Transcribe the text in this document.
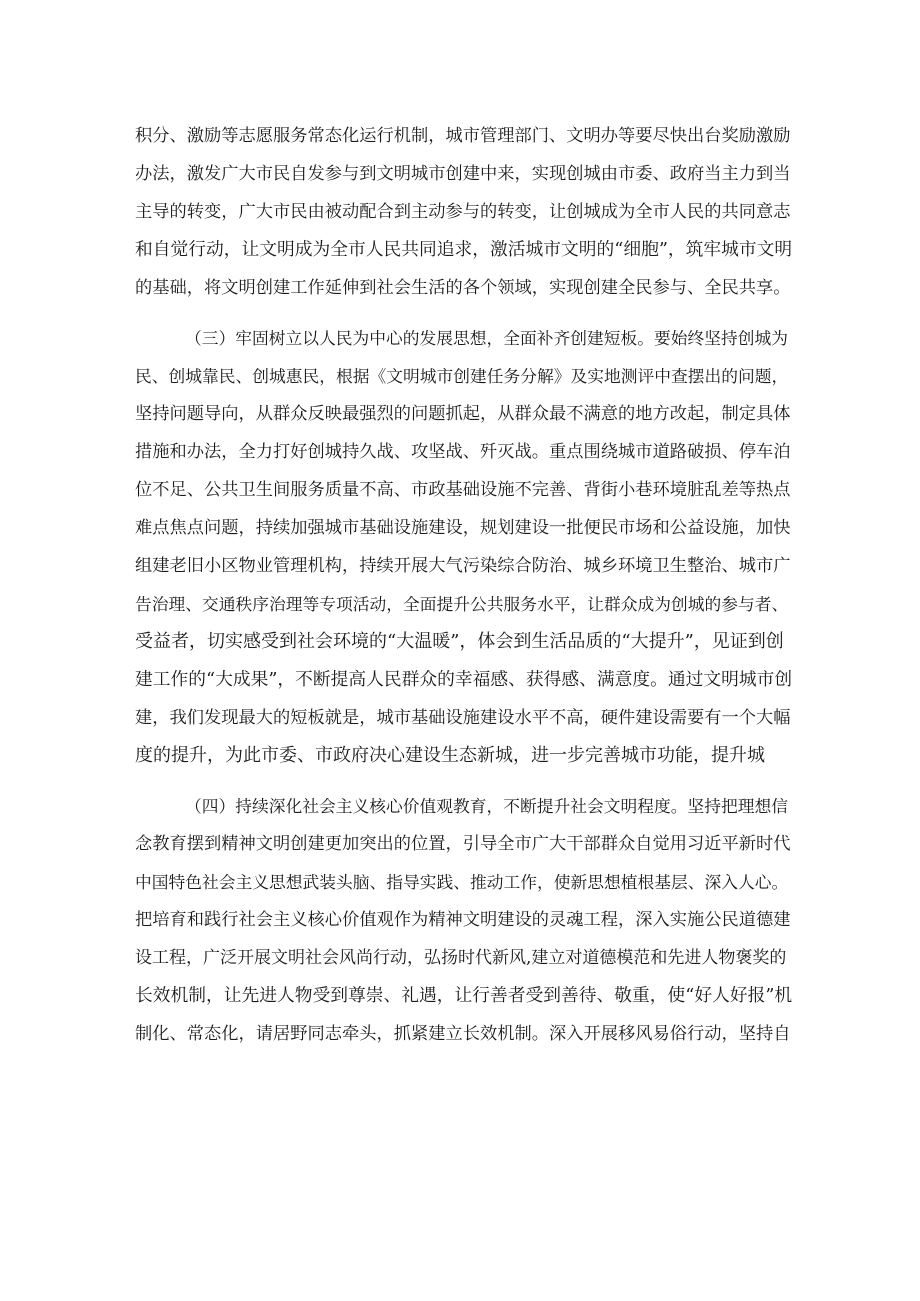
积分、激励等志愿服务常态化运行机制，城市管理部门、文明办等要尽快出台奖励激励
办法，激发广大市民自发参与到文明城市创建中来，实现创城由市委、政府当主力到当
主导的转变，广大市民由被动配合到主动参与的转变，让创城成为全市人民的共同意志
和自觉行动，让文明成为全市人民共同追求，激活城市文明的“细胞”，筑牢城市文明
的基础，将文明创建工作延伸到社会生活的各个领域，实现创建全民参与、全民共享。
（三）牢固树立以人民为中心的发展思想，全面补齐创建短板。要始终坚持创城为
民、创城靠民、创城惠民，根据《文明城市创建任务分解》及实地测评中查摆出的问题，
坚持问题导向，从群众反映最强烈的问题抓起，从群众最不满意的地方改起，制定具体
措施和办法，全力打好创城持久战、攻坚战、歼灭战。重点围绕城市道路破损、停车泊
位不足、公共卫生间服务质量不高、市政基础设施不完善、背街小巷环境脏乱差等热点
难点焦点问题，持续加强城市基础设施建设，规划建设一批便民市场和公益设施，加快
组建老旧小区物业管理机构，持续开展大气污染综合防治、城乡环境卫生整治、城市广
告治理、交通秩序治理等专项活动，全面提升公共服务水平，让群众成为创城的参与者、
受益者，切实感受到社会环境的“大温暖”，体会到生活品质的“大提升”，见证到创
建工作的“大成果”，不断提高人民群众的幸福感、获得感、满意度。通过文明城市创
建，我们发现最大的短板就是，城市基础设施建设水平不高，硬件建设需要有一个大幅
度的提升，为此市委、市政府决心建设生态新城，进一步完善城市功能，提升城
（四）持续深化社会主义核心价值观教育，不断提升社会文明程度。坚持把理想信
念教育摆到精神文明创建更加突出的位置，引导全市广大干部群众自觉用习近平新时代
中国特色社会主义思想武装头脑、指导实践、推动工作，使新思想植根基层、深入人心。
把培育和践行社会主义核心价值观作为精神文明建设的灵魂工程，深入实施公民道德建
设工程，广泛开展文明社会风尚行动，弘扬时代新风,建立对道德模范和先进人物褒奖的
长效机制，让先进人物受到尊崇、礼遇，让行善者受到善待、敬重，使“好人好报”机
制化、常态化，请居野同志牵头，抓紧建立长效机制。深入开展移风易俗行动，坚持自
